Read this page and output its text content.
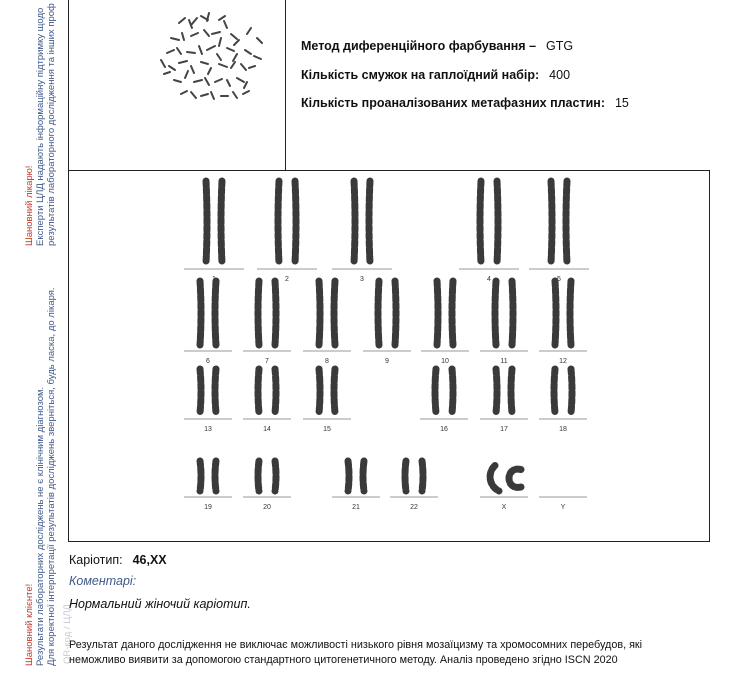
Шановний лікарю! Експерти ЦЛД надають інформаційну підтримку щодо результатів лабораторного дослідження та інших проф
Шановний клієнте! Результати лабораторних досліджень не є клінічним діагнозом. Для коректної інтерпретації результатів досліджень зверніться, будь ласка, до лікаря. QR-код / ЦЛД
Метод диференційного фарбування – GTG
Кількість смужок на гаплоїдний набір: 400
Кількість проаналізованих метафазних пластин: 15
1	2	3	4	5
6	7	8	9	10	11	12
13	14	15	16	17	18
19	20	21	22	X	Y
Каріотип: 46,ХХ
Коментарі:
Нормальний жіночий каріотип.
Результат даного дослідження не виключає можливості низького рівня мозаїцизму та хромосомних перебудов, які
неможливо виявити за допомогою стандартного цитогенетичного методу. Аналіз проведено згідно ISCN 2020
